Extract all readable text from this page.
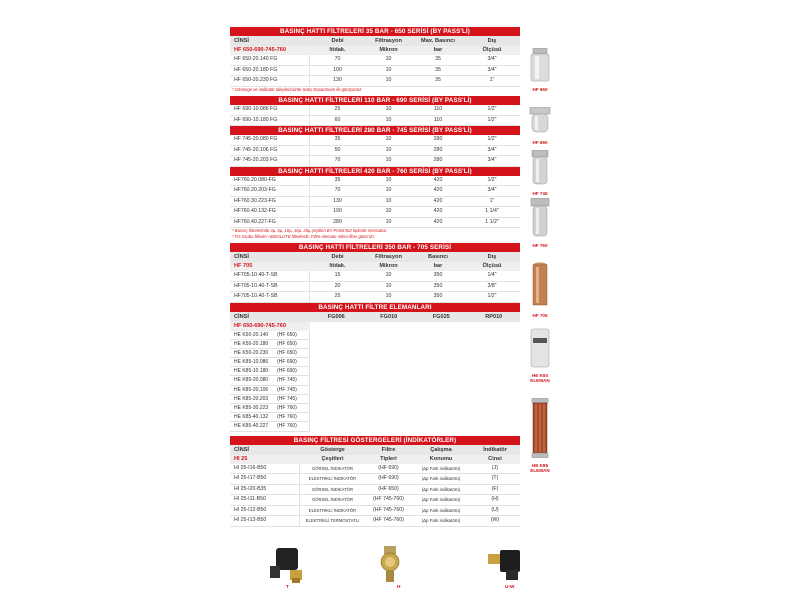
BASINÇ HATTI FİLTRELERİ 35 BAR - 650 SERİSİ (BY PASS'Lİ)
CİNSİ	Debi	Filtrasyon	Max. Basıncı	Dış
HF 650-690-745-760	lt/dak.	Mikron	bar	Ölçüsü
HF 650-20.140 FG	70	10	35	3/4"
HF 650-20.180 FG	100	10	35	3/4"
HF 650-20.230 FG	130	10	35	1"
* Gösterge ve indikatör talepleriniizde Satış Departmanı ile görüşünüz.
BASINÇ HATTI FİLTRELERİ 110 BAR - 690 SERİSİ (BY PASS'Lİ)
HF 690-10.086 FG	25	10	110	1/2"
HF 690-10.180 FG	60	10	110	1/2"
BASINÇ HATTI FİLTRELERİ 280 BAR - 745 SERİSİ (BY PASS'Lİ)
HF 745-20.080 FG	35	10	280	1/2"
HF 745-20.106 FG	50	10	280	3/4"
HF 745-20.203 FG	70	10	280	3/4"
BASINÇ HATTI FİLTRELERİ 420 BAR - 760 SERİSİ (BY PASS'Lİ)
HF760.20.080-FG	35	10	420	1/2"
HF760.20.203-FG	70	10	420	3/4"
HF760.30.223-FG	130	10	420	1"
HF760.40.132-FG	190	10	420	1 1/4"
HF760.40.227-FG	280	10	420	1 1/2"
* Basınç filtrelerinde 3µ, 6µ, 10µ, 16µ, 25µ çeşitleri BY-PASS'SIZ tiplerde mevcuttur.
* FG Grubu filtreler ABSOLUTE filtrelerdir. Filtre elemanı mikro-fiber glass'dır.
BASINÇ HATTI FİLTRELERİ 350 BAR - 705 SERİSİ
CİNSİ	Debi	Filtrasyon	Basıncı	Dış
HF 705	lt/dak.	Mikron	bar	Ölçüsü
HF705-10.40-T-SB	15	10	350	1/4"
HF705-10.40-T-SB	20	10	350	3/8"
HF705-10.40-T-SB	25	10	350	1/2"
BASINÇ HATTI FİLTRE ELEMANLARI
CİNSİ	FG006	FG010	FG025	RP010
HF 650-690-745-760
HE K50-20.140	(HF 650)
HE K50-20.180	(HF 650)
HE K50-20.230	(HF 650)
HE K85-10.086	(HF 690)
HE K85-10.180	(HF 690)
HE K85-20.080	(HF 745)
HE K85-20.106	(HF 745)
HE K85-20.203	(HF 745)
HE K85-30.223	(HF 760)
HE K85-40.132	(HF 760)
HE K85-40.227	(HF 760)
BASINÇ FİLTRESİ GÖSTERGELERİ (İNDİKATÖRLER)
CİNSİ	Gösterge	Filtre	Çalışma	İndikatör
HI 25	Çeşitleri	Tipleri	Konumu	Cinsi
HI 25-I16-B50	GÖRSEL İNDİKATÖR	(HF 690)	(∆p Fark indikatörü)	(J)
HI 25-I17-B50	ELEKTRİKLİ İNDİKATÖR	(HF 690)	(∆p Fark indikatörü)	(T)
HI 25-I20-B35	GÖRSEL İNDİKATÖR	(HF 650)	(∆p Fark indikatörü)	(F)
HI 25-I11-B50	GÖRSEL İNDİKATÖR	(HF 745-760)	(∆p Fark indikatörü)	(H)
HI 25-I12-B50	ELEKTRİKLİ İNDİKATÖR	(HF 745-760)	(∆p Fark indikatörü)	(U)
HI 25-I13-B50	ELEKTRİKLİ TERMOSTATLI	(HF 745-760)	(∆p Fark indikatörü)	(W)
HF 650
HF 690
HF 745
HF 760
HF 705
HE K50 ELEMAN
HE K85 ELEMAN
T	H	U-W
